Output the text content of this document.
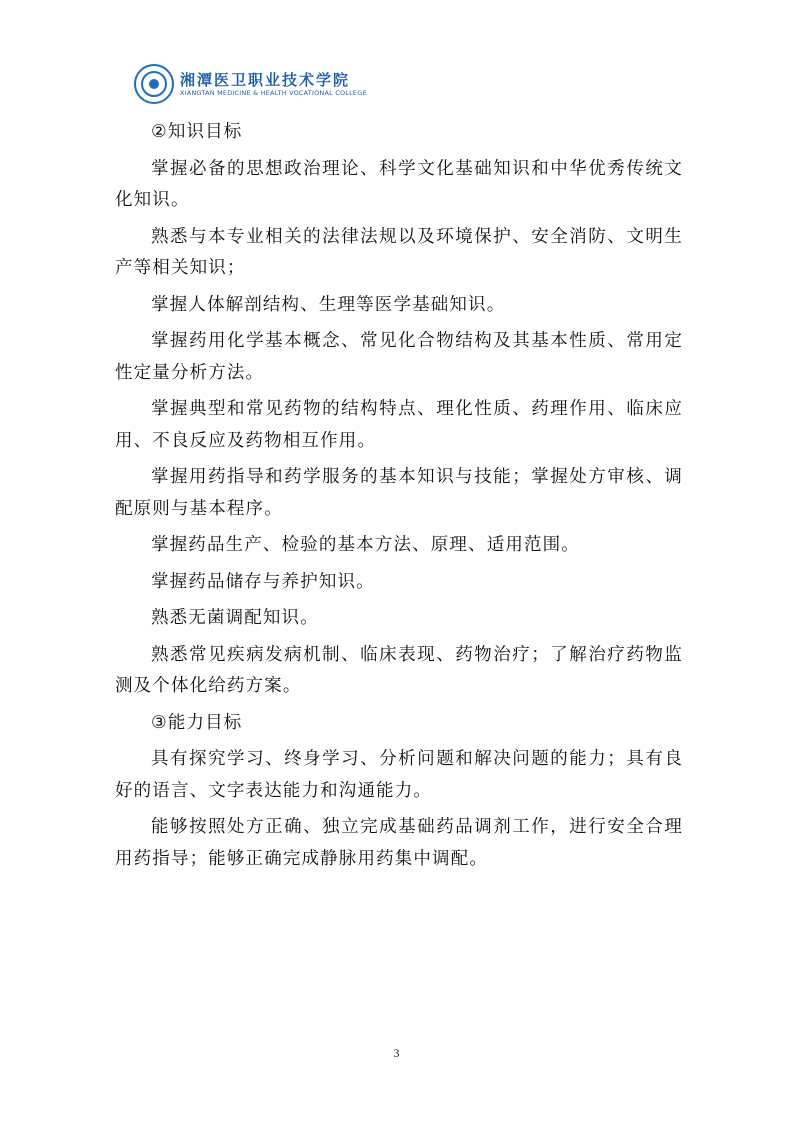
湘潭医卫职业技术学院
XIANGTAN MEDICINE & HEALTH VOCATIONAL COLLEGE

②知识目标

掌握必备的思想政治理论、科学文化基础知识和中华优秀传统文化知识。

熟悉与本专业相关的法律法规以及环境保护、安全消防、文明生产等相关知识；

掌握人体解剖结构、生理等医学基础知识。

掌握药用化学基本概念、常见化合物结构及其基本性质、常用定性定量分析方法。

掌握典型和常见药物的结构特点、理化性质、药理作用、临床应用、不良反应及药物相互作用。

掌握用药指导和药学服务的基本知识与技能；掌握处方审核、调配原则与基本程序。

掌握药品生产、检验的基本方法、原理、适用范围。

掌握药品储存与养护知识。

熟悉无菌调配知识。

熟悉常见疾病发病机制、临床表现、药物治疗；了解治疗药物监测及个体化给药方案。

③能力目标

具有探究学习、终身学习、分析问题和解决问题的能力；具有良好的语言、文字表达能力和沟通能力。

能够按照处方正确、独立完成基础药品调剂工作，进行安全合理用药指导；能够正确完成静脉用药集中调配。

3
